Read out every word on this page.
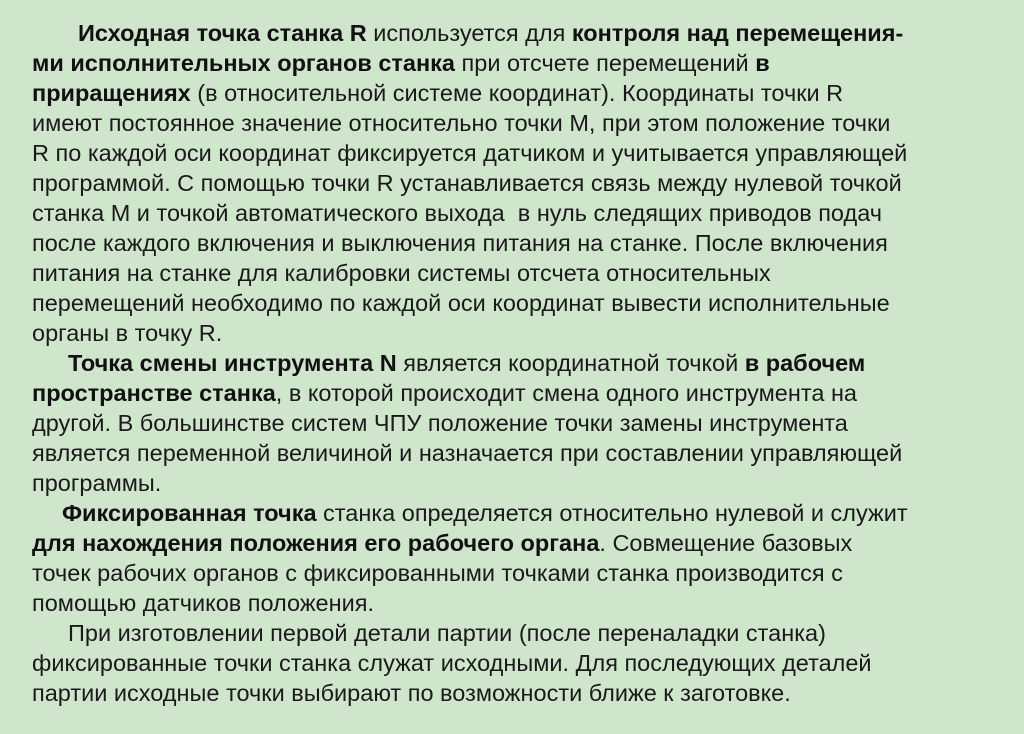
Исходная точка станка R используется для контроля над перемещения-
ми исполнительных органов станка при отсчете перемещений в
приращениях (в относительной системе координат). Координаты точки R
имеют постоянное значение относительно точки М, при этом положение точки
R по каждой оси координат фиксируется датчиком и учитывается управляющей
программой. С помощью точки R устанавливается связь между нулевой точкой
станка М и точкой автоматического выхода  в нуль следящих приводов подач
после каждого включения и выключения питания на станке. После включения
питания на станке для калибровки системы отсчета относительных
перемещений необходимо по каждой оси координат вывести исполнительные
органы в точку R.
Точка смены инструмента N является координатной точкой в рабочем
пространстве станка, в которой происходит смена одного инструмента на
другой. В большинстве систем ЧПУ положение точки замены инструмента
является переменной величиной и назначается при составлении управляющей
программы.
Фиксированная точка станка определяется относительно нулевой и служит
для нахождения положения его рабочего органа. Совмещение базовых
точек рабочих органов с фиксированными точками станка производится с
помощью датчиков положения.
При изготовлении первой детали партии (после переналадки станка)
фиксированные точки станка служат исходными. Для последующих деталей
партии исходные точки выбирают по возможности ближе к заготовке.
